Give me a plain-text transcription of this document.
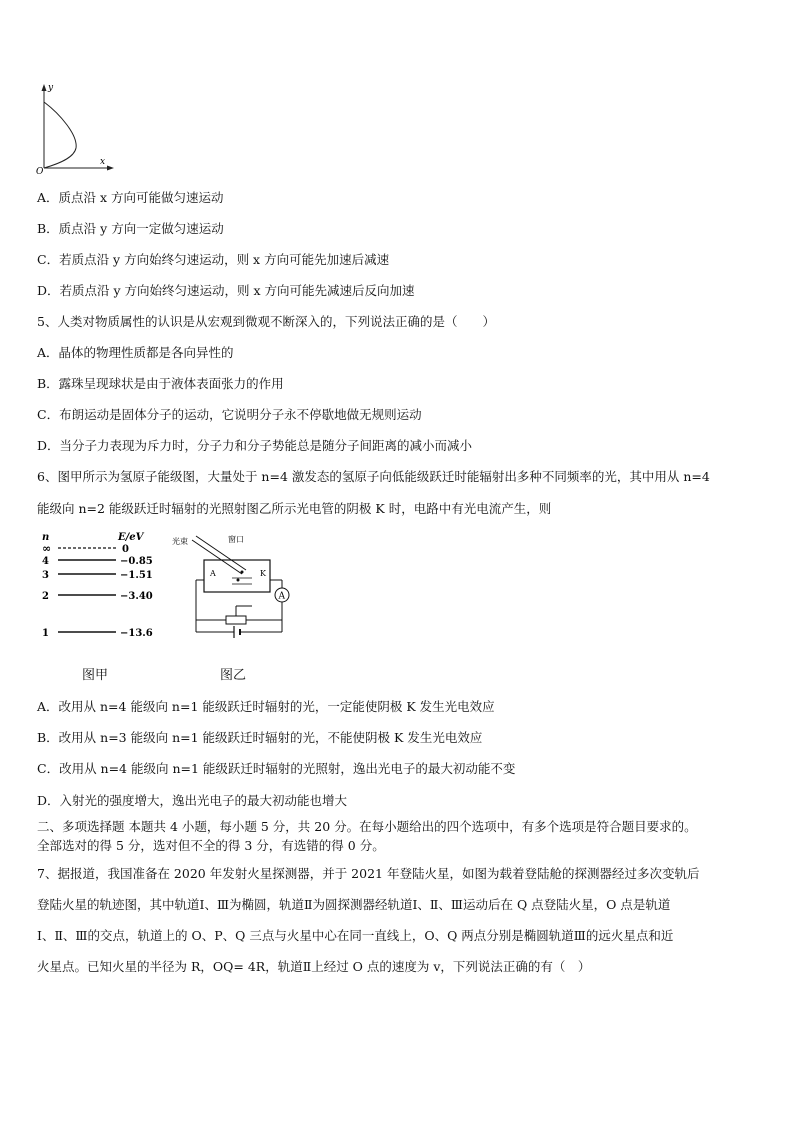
y
x
O
A．质点沿 x 方向可能做匀速运动
B．质点沿 y 方向一定做匀速运动
C．若质点沿 y 方向始终匀速运动，则 x 方向可能先加速后减速
D．若质点沿 y 方向始终匀速运动，则 x 方向可能先减速后反向加速
5、人类对物质属性的认识是从宏观到微观不断深入的，下列说法正确的是（　　）
A．晶体的物理性质都是各向异性的
B．露珠呈现球状是由于液体表面张力的作用
C．布朗运动是固体分子的运动，它说明分子永不停歇地做无规则运动
D．当分子力表现为斥力时，分子力和分子势能总是随分子间距离的减小而减小
6、图甲所示为氢原子能级图，大量处于 n=4 激发态的氢原子向低能级跃迁时能辐射出多种不同频率的光，其中用从 n=4
能级向 n=2 能级跃迁时辐射的光照射图乙所示光电管的阴极 K 时，电路中有光电流产生，则
n	E/eV
∞	0
4	−0.85
3	−1.51
2	−3.40
1	−13.6
光束	窗口
A	K
A
图甲	图乙
A．改用从 n=4 能级向 n=1 能级跃迁时辐射的光，一定能使阴极 K 发生光电效应
B．改用从 n=3 能级向 n=1 能级跃迁时辐射的光，不能使阴极 K 发生光电效应
C．改用从 n=4 能级向 n=1 能级跃迁时辐射的光照射，逸出光电子的最大初动能不变
D．入射光的强度增大，逸出光电子的最大初动能也增大
二、多项选择题 本题共 4 小题，每小题 5 分，共 20 分。在每小题给出的四个选项中，有多个选项是符合题目要求的。
全部选对的得 5 分，选对但不全的得 3 分，有选错的得 0 分。
7、据报道，我国准备在 2020 年发射火星探测器，并于 2021 年登陆火星，如图为载着登陆舱的探测器经过多次变轨后
登陆火星的轨迹图，其中轨道Ⅰ、Ⅲ为椭圆，轨道Ⅱ为圆探测器经轨道Ⅰ、Ⅱ、Ⅲ运动后在 Q 点登陆火星，O 点是轨道
Ⅰ、Ⅱ、Ⅲ的交点，轨道上的 O、P、Q 三点与火星中心在同一直线上，O、Q 两点分别是椭圆轨道Ⅲ的远火星点和近
火星点。已知火星的半径为 R，OQ= 4R，轨道Ⅱ上经过 O 点的速度为 v，下列说法正确的有（　）
